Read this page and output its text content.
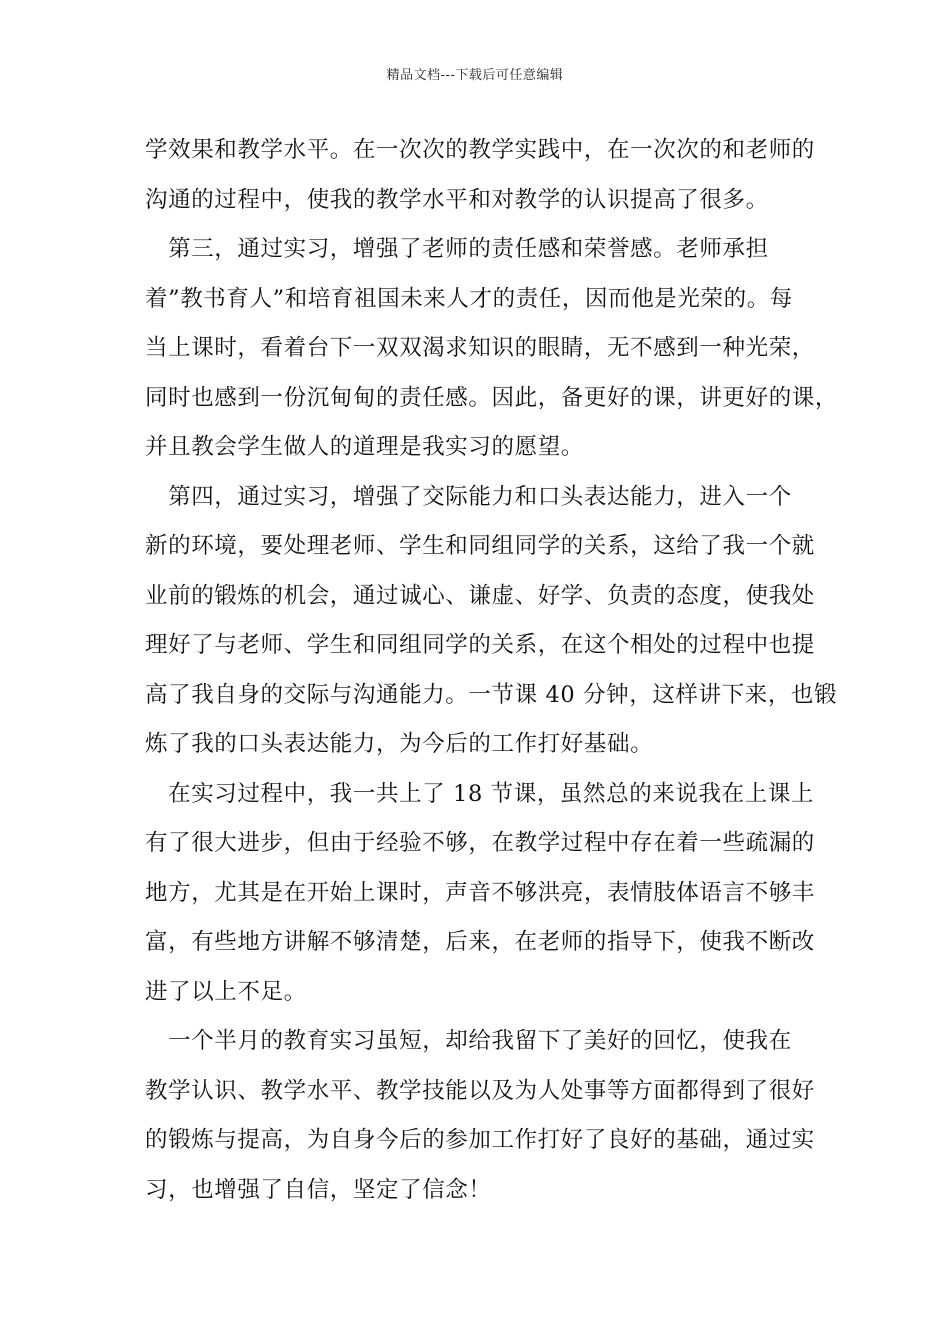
精品文档---下载后可任意编辑
学效果和教学水平。在一次次的教学实践中，在一次次的和老师的
沟通的过程中，使我的教学水平和对教学的认识提高了很多。
　第三，通过实习，增强了老师的责任感和荣誉感。老师承担
着”教书育人”和培育祖国未来人才的责任，因而他是光荣的。每
当上课时，看着台下一双双渴求知识的眼睛，无不感到一种光荣，
同时也感到一份沉甸甸的责任感。因此，备更好的课，讲更好的课，
并且教会学生做人的道理是我实习的愿望。
　第四，通过实习，增强了交际能力和口头表达能力，进入一个
新的环境，要处理老师、学生和同组同学的关系，这给了我一个就
业前的锻炼的机会，通过诚心、谦虚、好学、负责的态度，使我处
理好了与老师、学生和同组同学的关系，在这个相处的过程中也提
高了我自身的交际与沟通能力。一节课 40 分钟，这样讲下来，也锻
炼了我的口头表达能力，为今后的工作打好基础。
　在实习过程中，我一共上了 18 节课，虽然总的来说我在上课上
有了很大进步，但由于经验不够，在教学过程中存在着一些疏漏的
地方，尤其是在开始上课时，声音不够洪亮，表情肢体语言不够丰
富，有些地方讲解不够清楚，后来，在老师的指导下，使我不断改
进了以上不足。
　一个半月的教育实习虽短，却给我留下了美好的回忆，使我在
教学认识、教学水平、教学技能以及为人处事等方面都得到了很好
的锻炼与提高，为自身今后的参加工作打好了良好的基础，通过实
习，也增强了自信，坚定了信念！
